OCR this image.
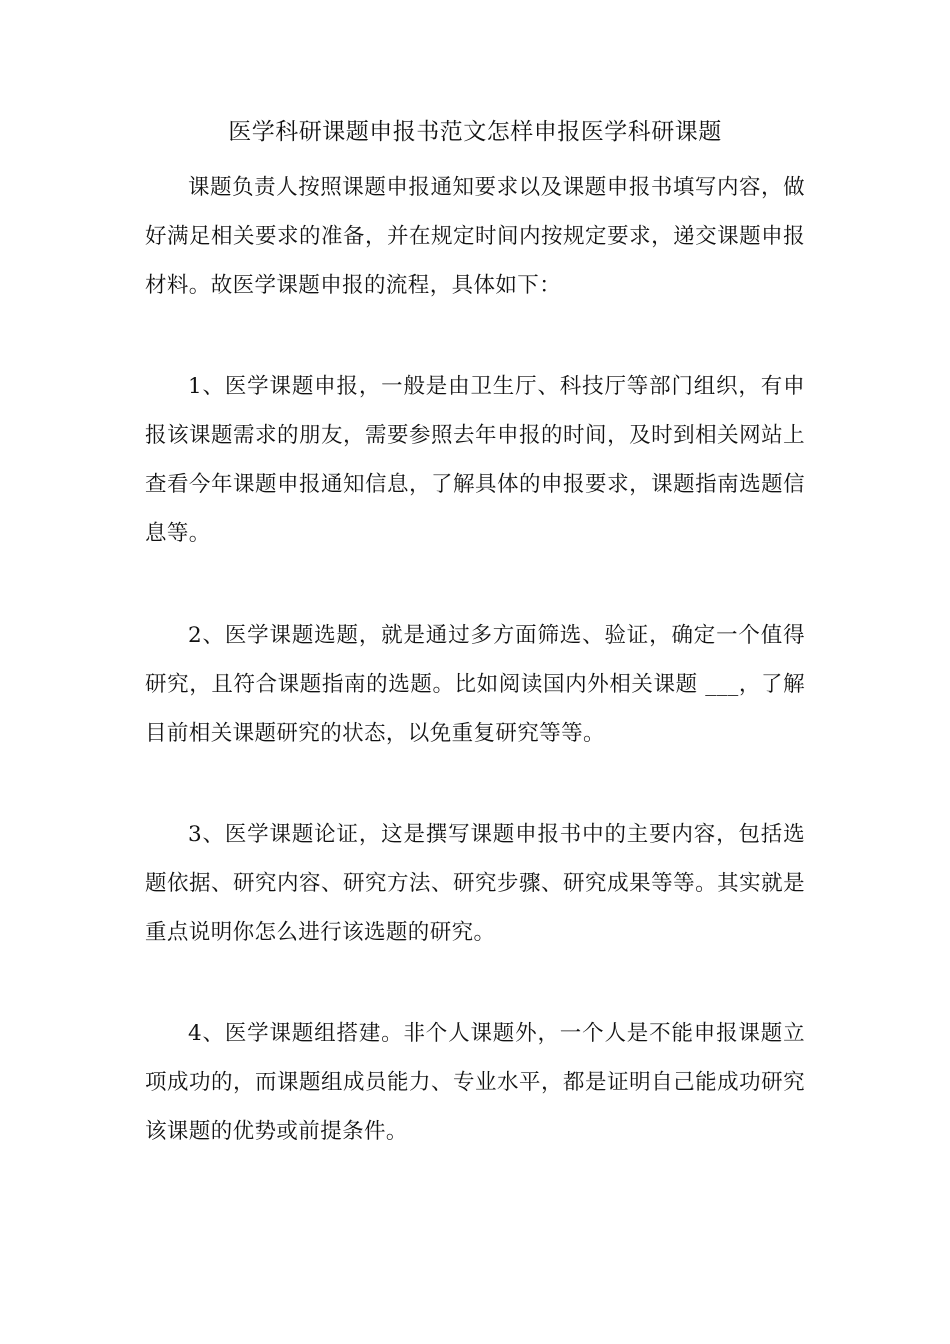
医学科研课题申报书范文怎样申报医学科研课题

课题负责人按照课题申报通知要求以及课题申报书填写内容，做好满足相关要求的准备，并在规定时间内按规定要求，递交课题申报材料。故医学课题申报的流程，具体如下：

1、医学课题申报，一般是由卫生厅、科技厅等部门组织，有申报该课题需求的朋友，需要参照去年申报的时间，及时到相关网站上查看今年课题申报通知信息，了解具体的申报要求，课题指南选题信息等。

2、医学课题选题，就是通过多方面筛选、验证，确定一个值得研究，且符合课题指南的选题。比如阅读国内外相关课题 ___，了解目前相关课题研究的状态，以免重复研究等等。

3、医学课题论证，这是撰写课题申报书中的主要内容，包括选题依据、研究内容、研究方法、研究步骤、研究成果等等。其实就是重点说明你怎么进行该选题的研究。

4、医学课题组搭建。非个人课题外，一个人是不能申报课题立项成功的，而课题组成员能力、专业水平，都是证明自己能成功研究该课题的优势或前提条件。
